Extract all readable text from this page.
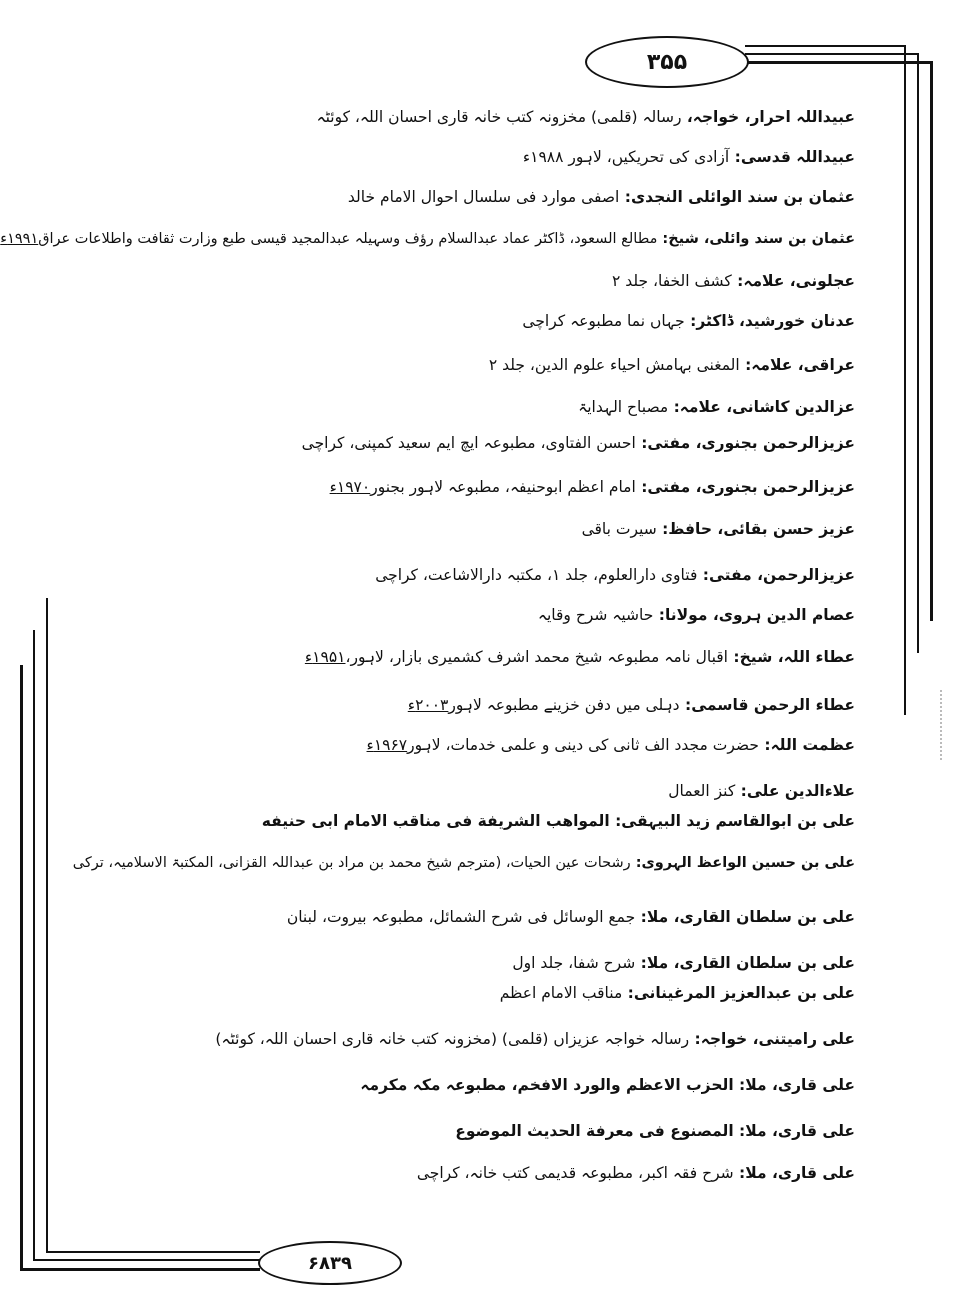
۳۵۵
۶۸۳۹
عبیداللہ احرار، خواجہ، رسالہ (قلمی) مخزونہ کتب خانہ قاری احسان اللہ، کوئٹہ
عبیداللہ قدسی: آزادی کی تحریکیں، لاہور ۱۹۸۸ء
عثمان بن سند الوائلی النجدی: اصفی موارد فی سلسال احوال الامام خالد
عثمان بن سند وائلی، شیخ: مطالع السعود، ڈاکٹر عماد عبدالسلام رؤف وسہیلہ عبدالمجید قیسی طبع وزارت ثقافت واطلاعات عراق۱۹۹۱ء
عجلونی، علامہ: کشف الخفا، جلد ۲
عدنان خورشید، ڈاکٹر: جہاں نما مطبوعہ کراچی
عراقی، علامہ: المغنی بہامش احیاء علوم الدین، جلد ۲
عزالدین کاشانی، علامہ: مصباح الہدایۃ
عزیزالرحمن بجنوری، مفتی: احسن الفتاوی، مطبوعہ ایچ ایم سعید کمپنی، کراچی
عزیزالرحمن بجنوری، مفتی: امام اعظم ابوحنیفہ، مطبوعہ لاہور بجنور۱۹۷۰ء
عزیز حسن بقائی، حافظ: سیرت باقی
عزیزالرحمن، مفتی: فتاوی دارالعلوم، جلد ۱، مکتبہ دارالاشاعت، کراچی
عصام الدین ہروی، مولانا: حاشیہ شرح وقایہ
عطاء اللہ، شیخ: اقبال نامہ مطبوعہ شیخ محمد اشرف کشمیری بازار، لاہور،۱۹۵۱ء
عطاء الرحمن قاسمی: دہلی میں دفن خزینے مطبوعہ لاہور۲۰۰۳ء
عظمت اللہ: حضرت مجدد الف ثانی کی دینی و علمی خدمات، لاہور۱۹۶۷ء
علاءالدین علی: کنز العمال
علی بن ابوالقاسم زید البیہقی: المواهب الشريفة فى مناقب الامام ابى حنيفه
علی بن حسین الواعظ الہروی: رشحات عین الحیات، (مترجم شیخ محمد بن مراد بن عبداللہ القزانی، المکتبۃ الاسلامیہ، ترکی
علی بن سلطان القاری، ملا: جمع الوسائل فی شرح الشمائل، مطبوعہ بیروت، لبنان
علی بن سلطان القاری، ملا: شرح شفا، جلد اول
علی بن عبدالعزیز المرغینانی: مناقب الامام اعظم
علی رامیتنی، خواجہ: رسالہ خواجہ عزیزاں (قلمی) (مخزونہ کتب خانہ قاری احسان اللہ، کوئٹہ)
علی قاری، ملا: الحزب الاعظم والورد الافخم، مطبوعہ مکہ مکرمہ
علی قاری، ملا: المصنوع فى معرفة الحديث الموضوع
علی قاری، ملا: شرح فقہ اکبر، مطبوعہ قدیمی کتب خانہ، کراچی
